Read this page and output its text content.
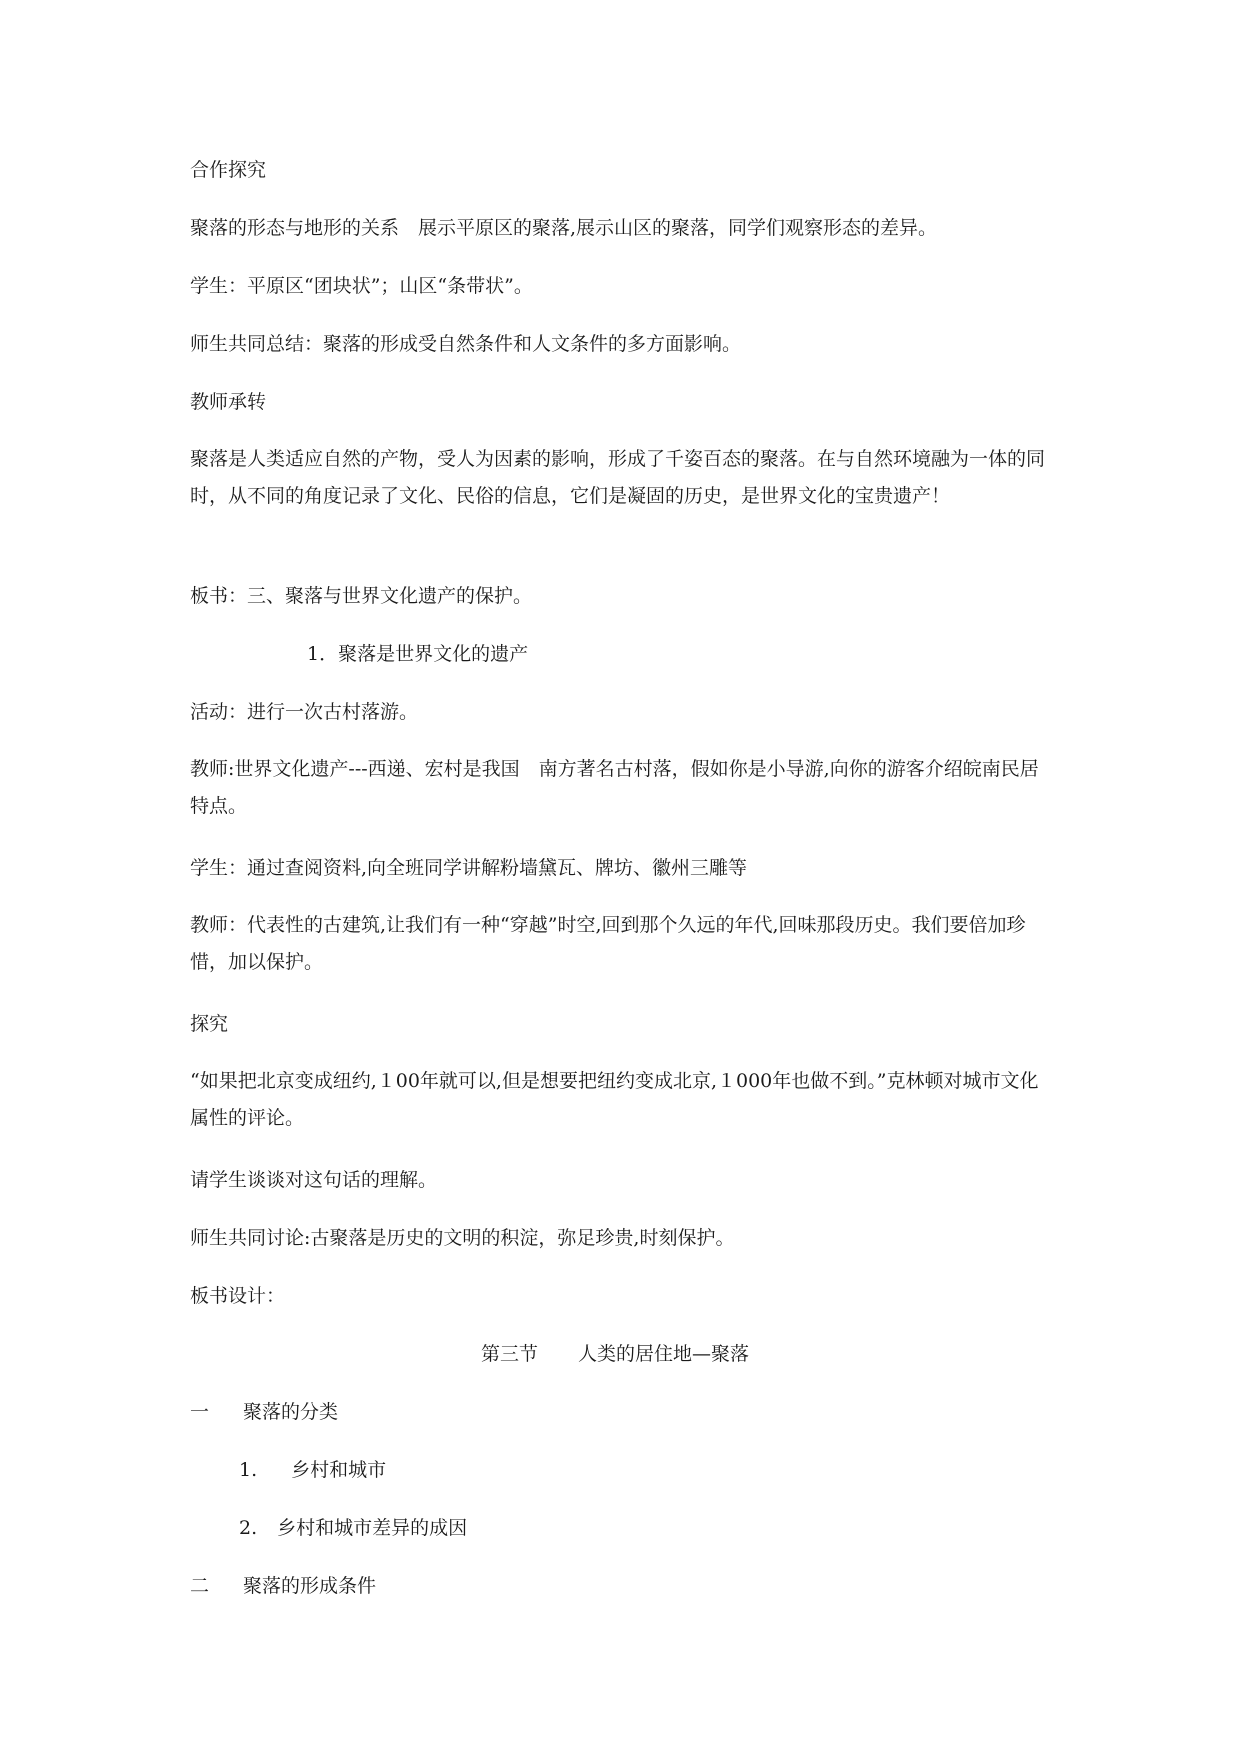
合作探究
聚落的形态与地形的关系　展示平原区的聚落,展示山区的聚落，同学们观察形态的差异。
学生：平原区“团块状”；山区“条带状”。
师生共同总结：聚落的形成受自然条件和人文条件的多方面影响。
教师承转
聚落是人类适应自然的产物，受人为因素的影响，形成了千姿百态的聚落。在与自然环境融为一体的同时，从不同的角度记录了文化、民俗的信息，它们是凝固的历史，是世界文化的宝贵遗产！
板书：三、聚落与世界文化遗产的保护。
1．聚落是世界文化的遗产
活动：进行一次古村落游。
教师:世界文化遗产---西递、宏村是我国　南方著名古村落，假如你是小导游,向你的游客介绍皖南民居特点。
学生：通过查阅资料,向全班同学讲解粉墙黛瓦、牌坊、徽州三雕等
教师：代表性的古建筑,让我们有一种“穿越”时空,回到那个久远的年代,回味那段历史。我们要倍加珍惜，加以保护。
探究
“如果把北京变成纽约,１00年就可以,但是想要把纽约变成北京,１000年也做不到。”克林顿对城市文化属性的评论。
请学生谈谈对这句话的理解。
师生共同讨论:古聚落是历史的文明的积淀，弥足珍贵,时刻保护。
板书设计：
第三节 人类的居住地—聚落
一 聚落的分类
1. 乡村和城市
2. 乡村和城市差异的成因
二 聚落的形成条件
